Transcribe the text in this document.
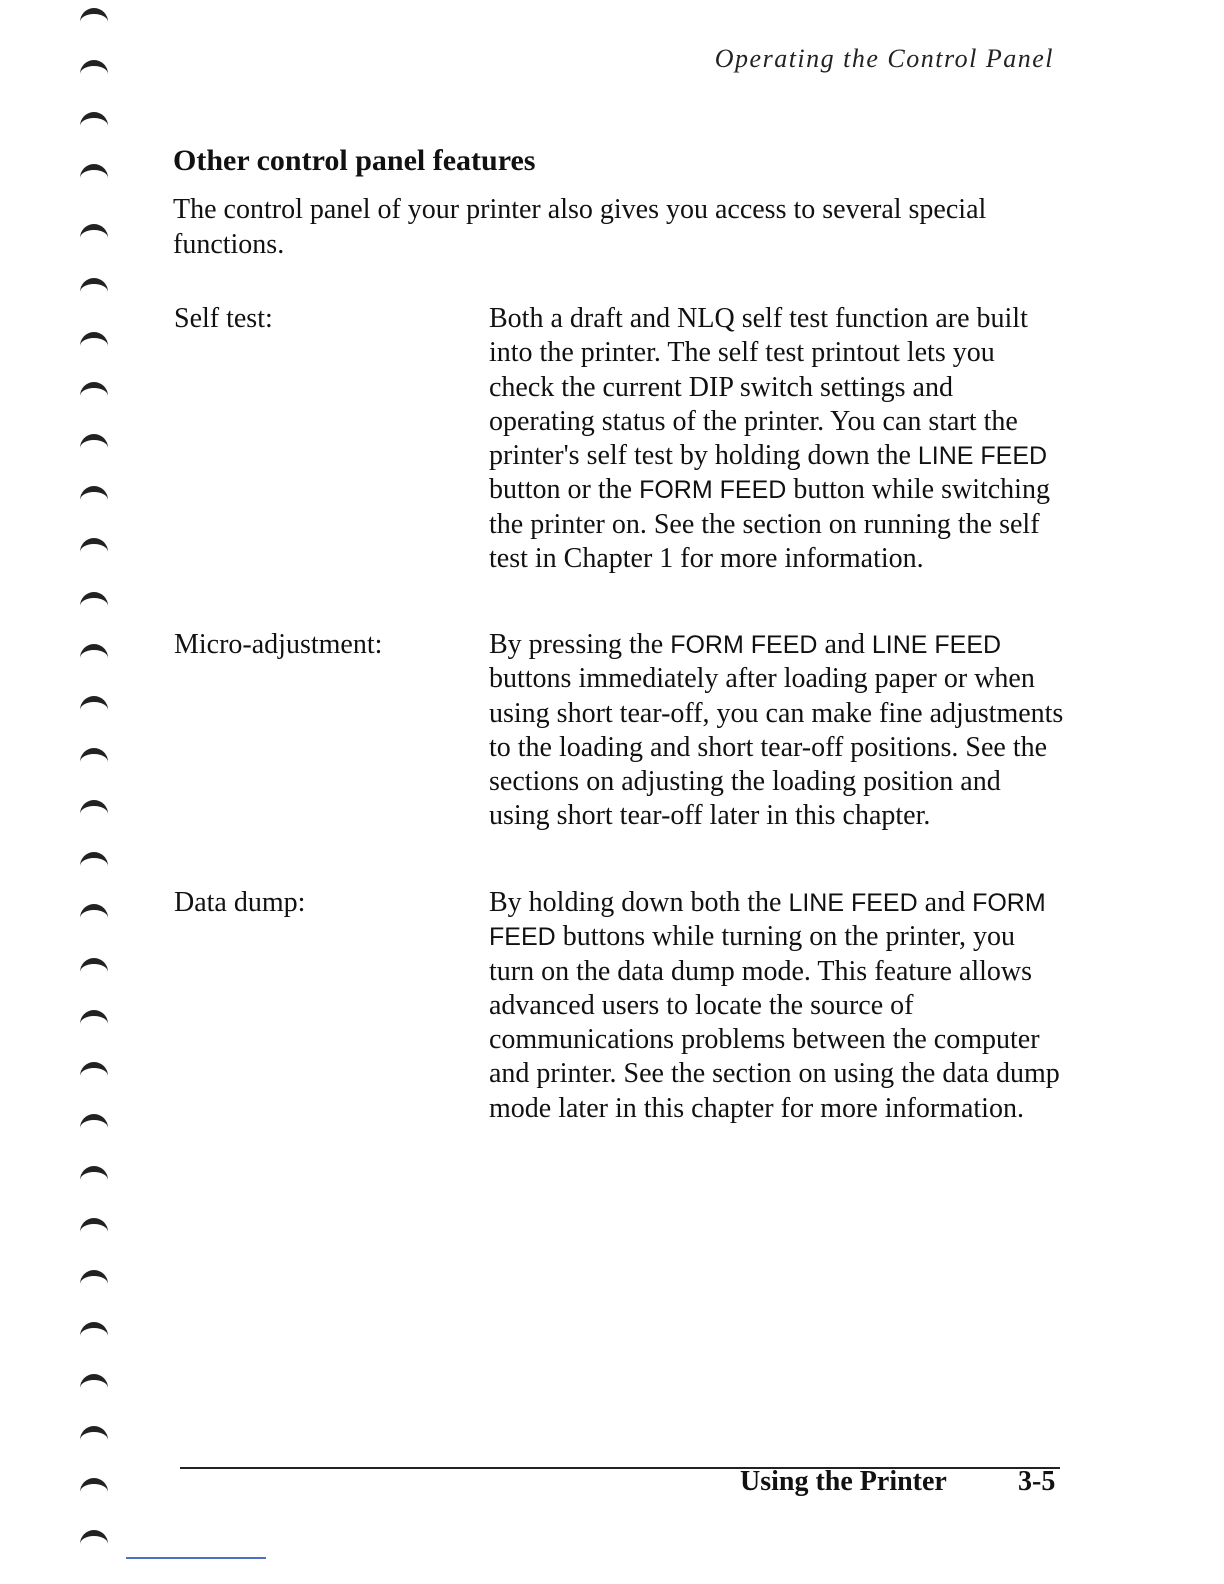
Operating the Control Panel
Other control panel features

The control panel of your printer also gives you access to several special functions.

Self test:	Both a draft and NLQ self test function are built into the printer. The self test printout lets you check the current DIP switch settings and operating status of the printer. You can start the printer's self test by holding down the LINE FEED button or the FORM FEED button while switching the printer on. See the section on running the self test in Chapter 1 for more information.

Micro-adjustment:	By pressing the FORM FEED and LINE FEED buttons immediately after loading paper or when using short tear-off, you can make fine adjustments to the loading and short tear-off positions. See the sections on adjusting the loading position and using short tear-off later in this chapter.

Data dump:	By holding down both the LINE FEED and FORM FEED buttons while turning on the printer, you turn on the data dump mode. This feature allows advanced users to locate the source of communications problems between the computer and printer. See the section on using the data dump mode later in this chapter for more information.

Using the Printer	3-5
